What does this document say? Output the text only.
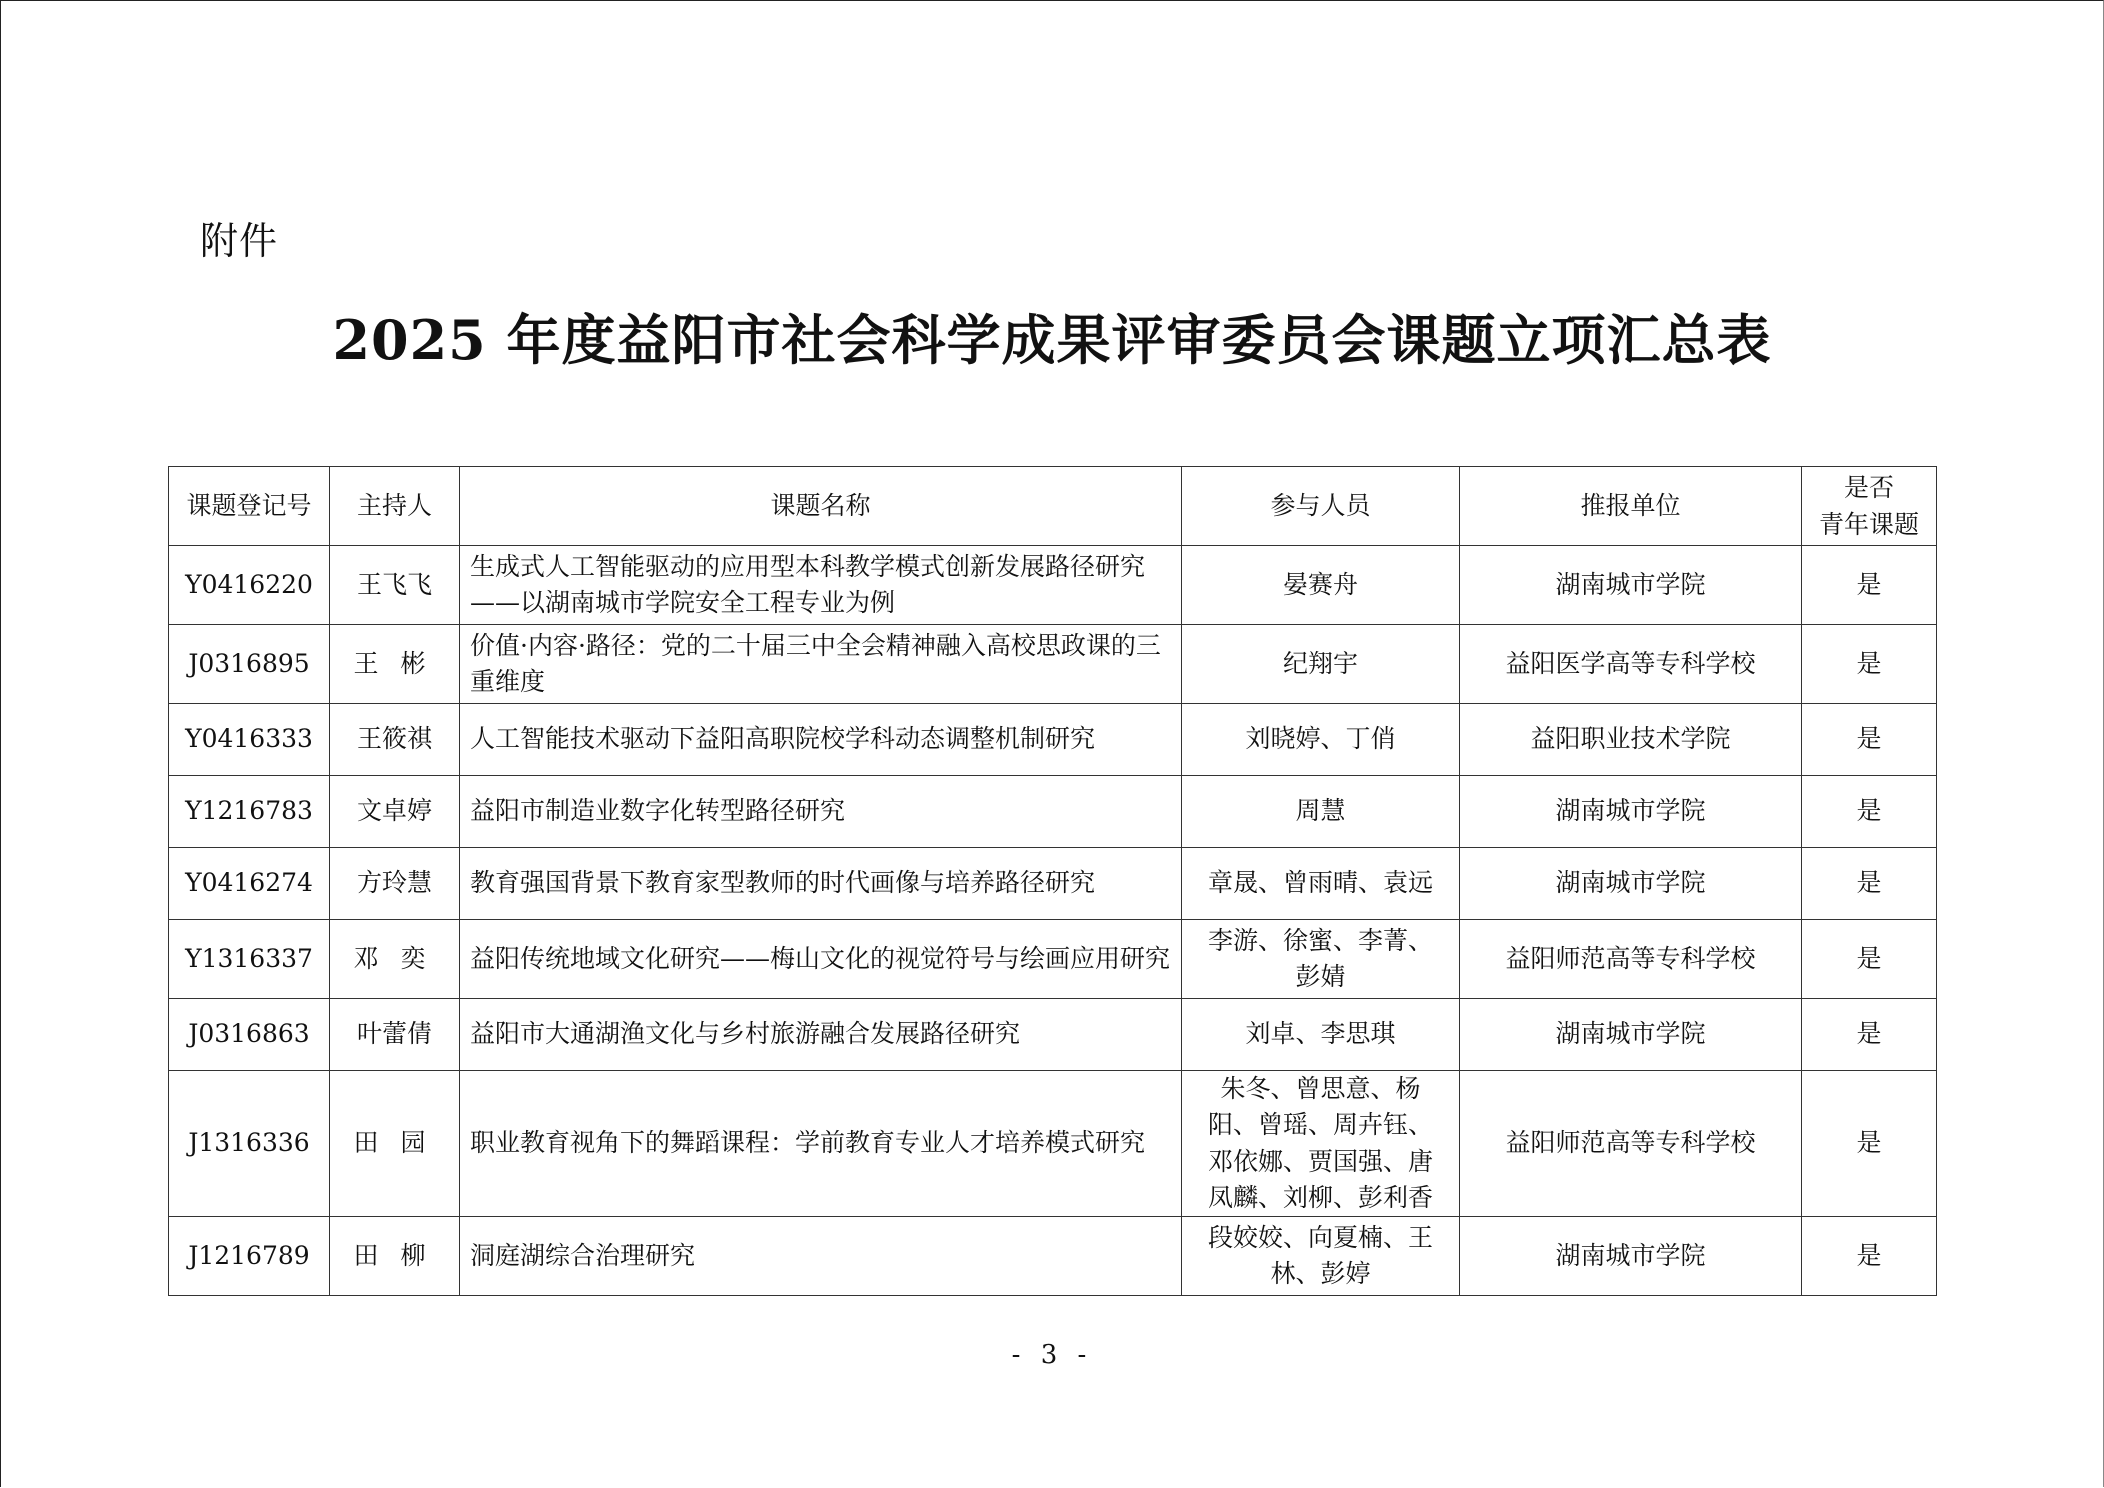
附件
2025 年度益阳市社会科学成果评审委员会课题立项汇总表
课题登记号	主持人	课题名称	参与人员	推报单位	是否
青年课题

Y0416220	王飞飞	生成式人工智能驱动的应用型本科教学模式创新发展路径研究——以湖南城市学院安全工程专业为例	晏赛舟	湖南城市学院	是
J0316895	王彬	价值·内容·路径：党的二十届三中全会精神融入高校思政课的三重维度	纪翔宇	益阳医学高等专科学校	是
Y0416333	王筱祺	人工智能技术驱动下益阳高职院校学科动态调整机制研究	刘晓婷、丁俏	益阳职业技术学院	是
Y1216783	文卓婷	益阳市制造业数字化转型路径研究	周慧	湖南城市学院	是
Y0416274	方玲慧	教育强国背景下教育家型教师的时代画像与培养路径研究	章晟、曾雨晴、袁远	湖南城市学院	是
Y1316337	邓奕	益阳传统地域文化研究——梅山文化的视觉符号与绘画应用研究	李游、徐蜜、李菁、彭婧	益阳师范高等专科学校	是
J0316863	叶蕾倩	益阳市大通湖渔文化与乡村旅游融合发展路径研究	刘卓、李思琪	湖南城市学院	是
J1316336	田园	职业教育视角下的舞蹈课程：学前教育专业人才培养模式研究	朱冬、曾思意、杨阳、曾瑶、周卉钰、邓依娜、贾国强、唐凤麟、刘柳、彭利香	益阳师范高等专科学校	是
J1216789	田柳	洞庭湖综合治理研究	段姣姣、向夏楠、王林、彭婷	湖南城市学院	是
- 3 -
